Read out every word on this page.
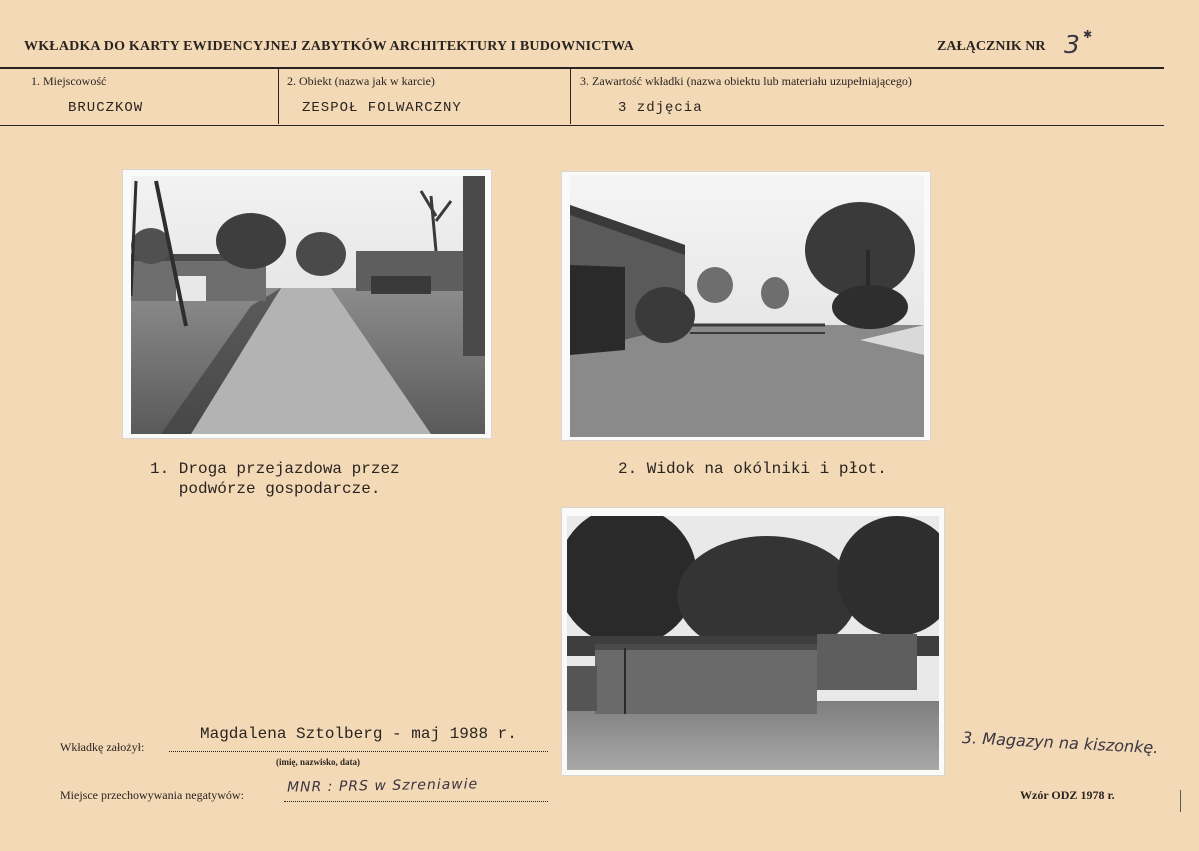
WKŁADKA DO KARTY EWIDENCYJNEJ ZABYTKÓW ARCHITEKTURY I BUDOWNICTWA	ZAŁĄCZNIK NR 3 ✱
1. Miejscowość
BRUCZKOW
2. Obiekt (nazwa jak w karcie)
ZESPOŁ FOLWARCZNY
3. Zawartość wkładki (nazwa obiektu lub materiału uzupełniającego)
3 zdjęcia
1. Droga przejazdowa przez
podwórze gospodarcze.
2. Widok na okólniki i płot.
3. Magazyn na kiszonkę.
Wkładkę założył:
Magdalena Sztolberg - maj 1988 r.
(imię, nazwisko, data)
Miejsce przechowywania negatywów:	MNR : PRS w Szreniawie	Wzór ODZ 1978 r.
